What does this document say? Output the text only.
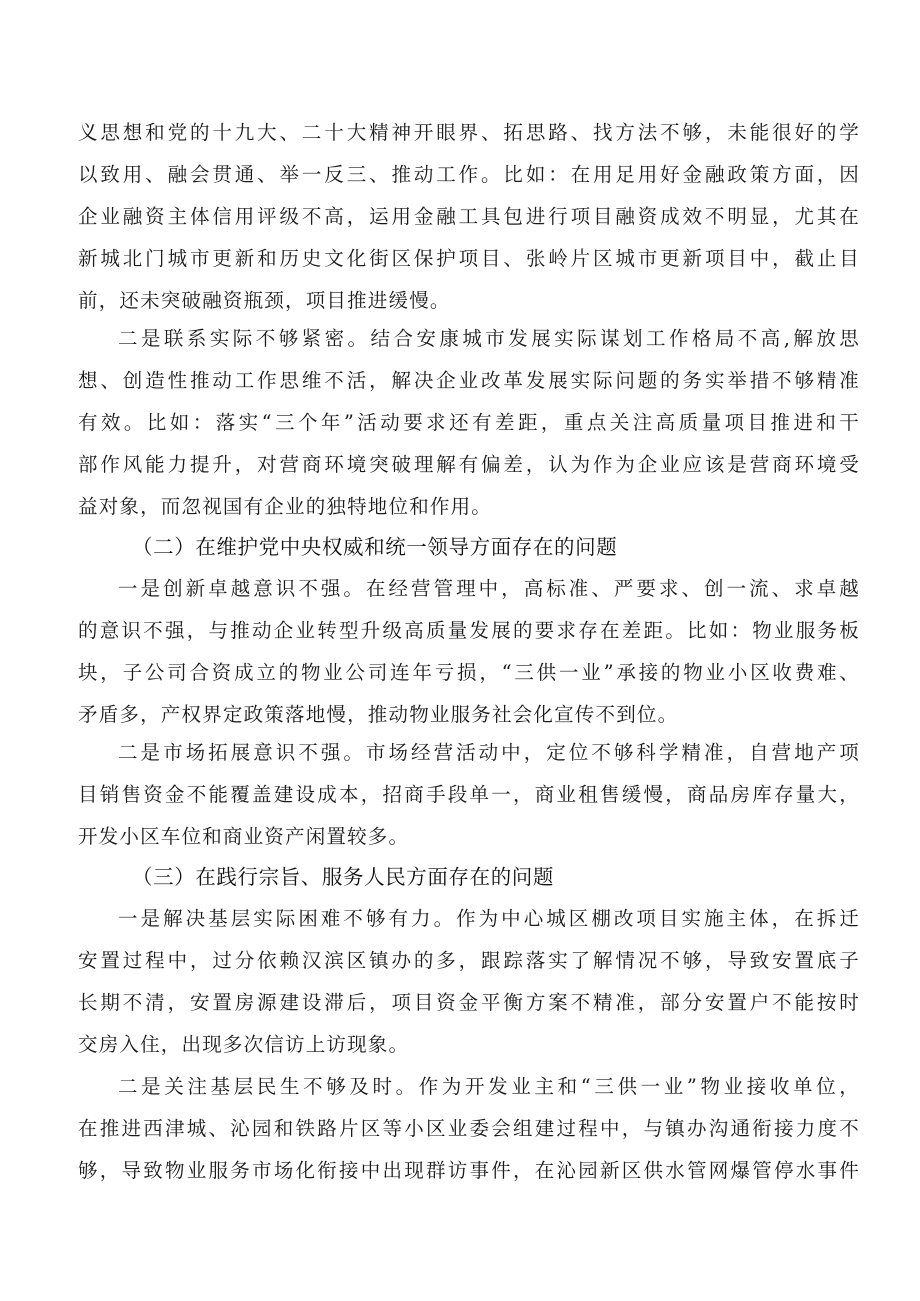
义思想和党的十九大、二十大精神开眼界、拓思路、找方法不够，未能很好的学
以致用、融会贯通、举一反三、推动工作。比如：在用足用好金融政策方面，因
企业融资主体信用评级不高，运用金融工具包进行项目融资成效不明显，尤其在
新城北门城市更新和历史文化街区保护项目、张岭片区城市更新项目中，截止目
前，还未突破融资瓶颈，项目推进缓慢。
二是联系实际不够紧密。结合安康城市发展实际谋划工作格局不高,解放思
想、创造性推动工作思维不活，解决企业改革发展实际问题的务实举措不够精准
有效。比如：落实“三个年”活动要求还有差距，重点关注高质量项目推进和干
部作风能力提升，对营商环境突破理解有偏差，认为作为企业应该是营商环境受
益对象，而忽视国有企业的独特地位和作用。
（二）在维护党中央权威和统一领导方面存在的问题
一是创新卓越意识不强。在经营管理中，高标准、严要求、创一流、求卓越
的意识不强，与推动企业转型升级高质量发展的要求存在差距。比如：物业服务板
块，子公司合资成立的物业公司连年亏损，“三供一业”承接的物业小区收费难、
矛盾多，产权界定政策落地慢，推动物业服务社会化宣传不到位。
二是市场拓展意识不强。市场经营活动中，定位不够科学精准，自营地产项
目销售资金不能覆盖建设成本，招商手段单一，商业租售缓慢，商品房库存量大，
开发小区车位和商业资产闲置较多。
（三）在践行宗旨、服务人民方面存在的问题
一是解决基层实际困难不够有力。作为中心城区棚改项目实施主体，在拆迁
安置过程中，过分依赖汉滨区镇办的多，跟踪落实了解情况不够，导致安置底子
长期不清，安置房源建设滞后，项目资金平衡方案不精准，部分安置户不能按时
交房入住，出现多次信访上访现象。
二是关注基层民生不够及时。作为开发业主和“三供一业”物业接收单位，
在推进西津城、沁园和铁路片区等小区业委会组建过程中，与镇办沟通衔接力度不
够，导致物业服务市场化衔接中出现群访事件，在沁园新区供水管网爆管停水事件
